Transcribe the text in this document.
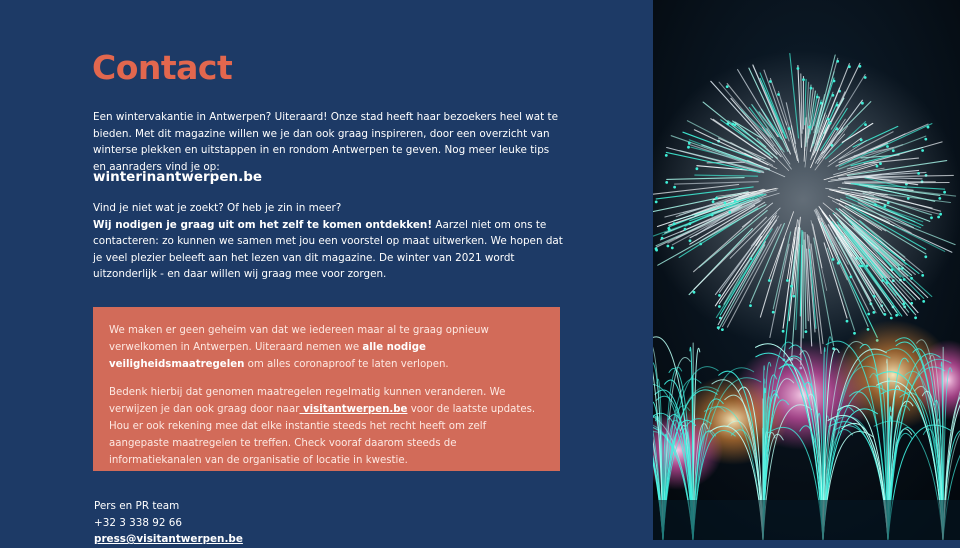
Contact

Een wintervakantie in Antwerpen? Uiteraard! Onze stad heeft haar bezoekers heel wat te bieden. Met dit magazine willen we je dan ook graag inspireren, door een overzicht van winterse plekken en uitstappen in en rondom Antwerpen te geven. Nog meer leuke tips en aanraders vind je op:

winterinantwerpen.be

Vind je niet wat je zoekt? Of heb je zin in meer?
Wij nodigen je graag uit om het zelf te komen ontdekken! Aarzel niet om ons te contacteren: zo kunnen we samen met jou een voorstel op maat uitwerken. We hopen dat je veel plezier beleeft aan het lezen van dit magazine. De winter van 2021 wordt uitzonderlijk - en daar willen wij graag mee voor zorgen.

We maken er geen geheim van dat we iedereen maar al te graag opnieuw verwelkomen in Antwerpen. Uiteraard nemen we alle nodige veiligheidsmaatregelen om alles coronaproof te laten verlopen.

Bedenk hierbij dat genomen maatregelen regelmatig kunnen veranderen. We verwijzen je dan ook graag door naar visitantwerpen.be voor de laatste updates. Hou er ook rekening mee dat elke instantie steeds het recht heeft om zelf aangepaste maatregelen te treffen. Check vooraf daarom steeds de informatiekanalen van de organisatie of locatie in kwestie.

Pers en PR team
+32 3 338 92 66
press@visitantwerpen.be
